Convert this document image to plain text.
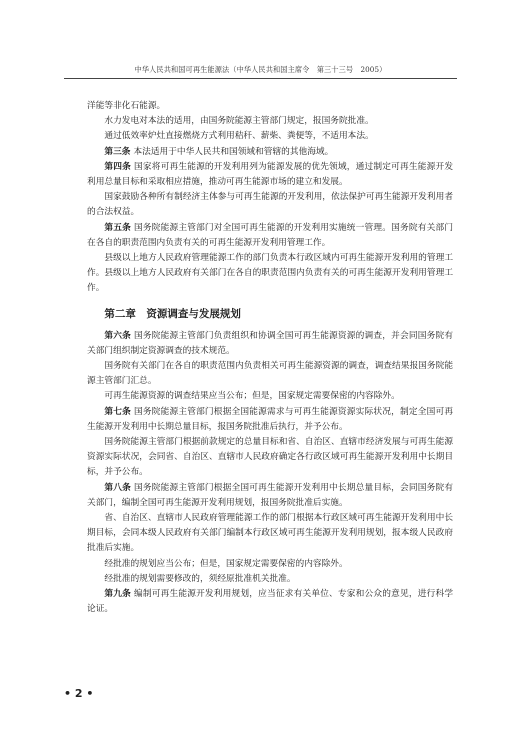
中华人民共和国可再生能源法（中华人民共和国主席令　第三十三号　2005）

洋能等非化石能源。

水力发电对本法的适用，由国务院能源主管部门规定，报国务院批准。

通过低效率炉灶直接燃烧方式利用秸秆、薪柴、粪便等，不适用本法。

第三条 本法适用于中华人民共和国领域和管辖的其他海域。

第四条 国家将可再生能源的开发利用列为能源发展的优先领域，通过制定可再生能源开发利用总量目标和采取相应措施，推动可再生能源市场的建立和发展。

国家鼓励各种所有制经济主体参与可再生能源的开发利用，依法保护可再生能源开发利用者的合法权益。

第五条 国务院能源主管部门对全国可再生能源的开发利用实施统一管理。国务院有关部门在各自的职责范围内负责有关的可再生能源开发利用管理工作。

县级以上地方人民政府管理能源工作的部门负责本行政区域内可再生能源开发利用的管理工作。县级以上地方人民政府有关部门在各自的职责范围内负责有关的可再生能源开发利用管理工作。

第二章　资源调查与发展规划

第六条 国务院能源主管部门负责组织和协调全国可再生能源资源的调查，并会同国务院有关部门组织制定资源调查的技术规范。

国务院有关部门在各自的职责范围内负责相关可再生能源资源的调查，调查结果报国务院能源主管部门汇总。

可再生能源资源的调查结果应当公布；但是，国家规定需要保密的内容除外。

第七条 国务院能源主管部门根据全国能源需求与可再生能源资源实际状况，制定全国可再生能源开发利用中长期总量目标，报国务院批准后执行，并予公布。

国务院能源主管部门根据前款规定的总量目标和省、自治区、直辖市经济发展与可再生能源资源实际状况，会同省、自治区、直辖市人民政府确定各行政区域可再生能源开发利用中长期目标，并予公布。

第八条 国务院能源主管部门根据全国可再生能源开发利用中长期总量目标，会同国务院有关部门，编制全国可再生能源开发利用规划，报国务院批准后实施。

省、自治区、直辖市人民政府管理能源工作的部门根据本行政区域可再生能源开发利用中长期目标，会同本级人民政府有关部门编制本行政区域可再生能源开发利用规划，报本级人民政府批准后实施。

经批准的规划应当公布；但是，国家规定需要保密的内容除外。

经批准的规划需要修改的，须经原批准机关批准。

第九条 编制可再生能源开发利用规划，应当征求有关单位、专家和公众的意见，进行科学论证。

• 2 •
